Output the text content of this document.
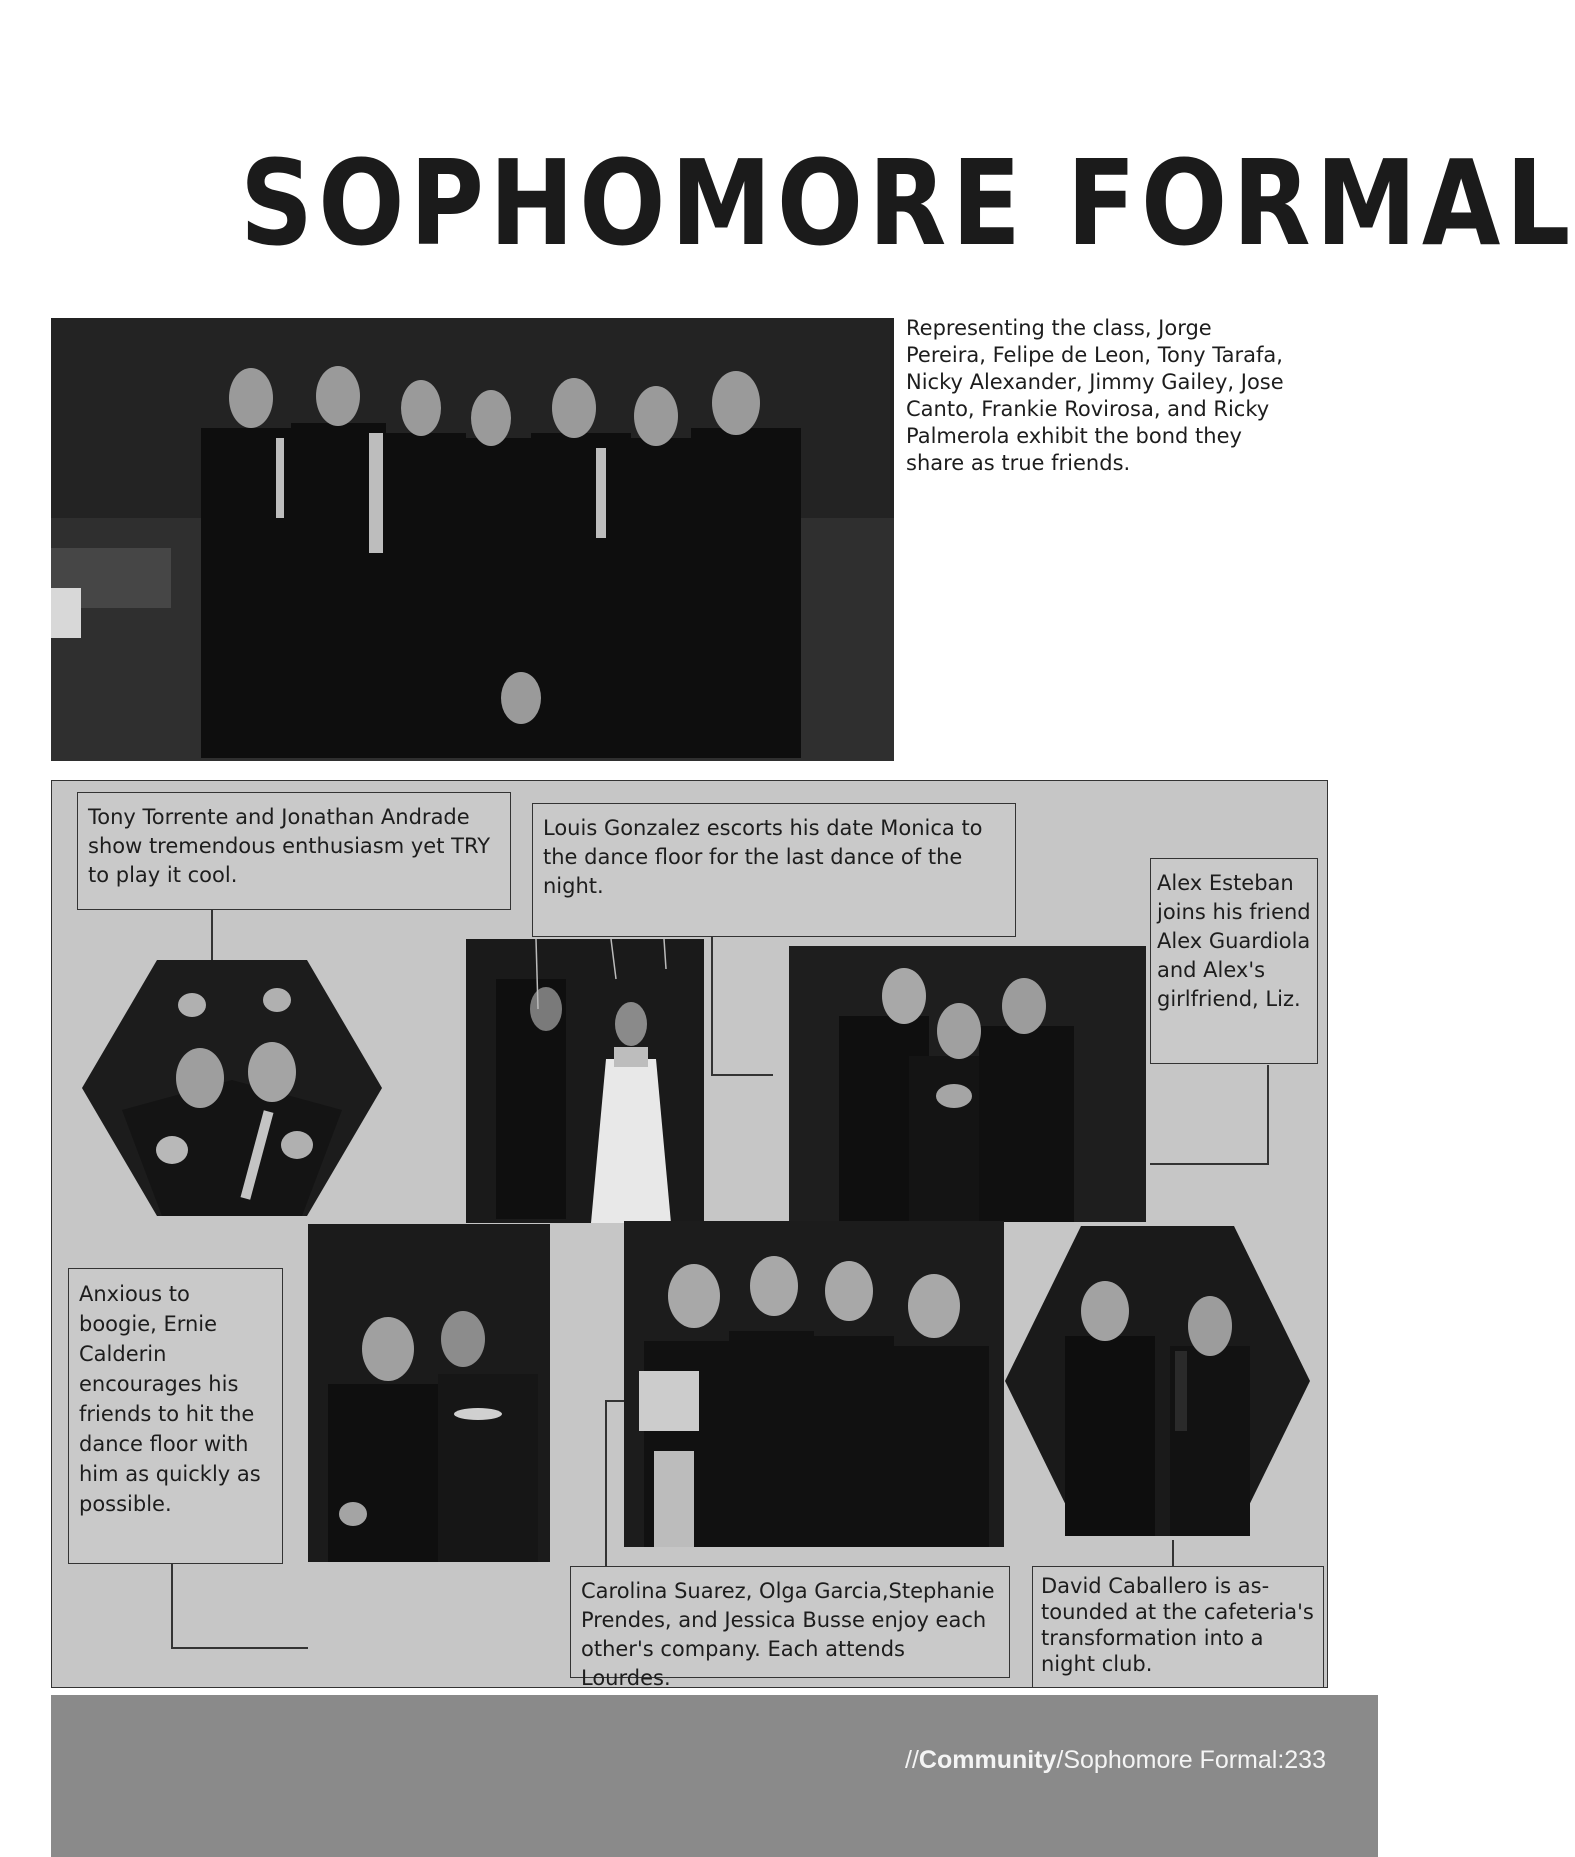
SOPHOMORE FORMAL
Representing the class, Jorge Pereira, Felipe de Leon, Tony Tarafa, Nicky Alexander, Jimmy Gailey, Jose Canto, Frankie Rovirosa, and Ricky Palmerola exhibit the bond they share as true friends.
Tony Torrente and Jonathan Andrade show tremendous enthusiasm yet TRY to play it cool.
Louis Gonzalez escorts his date Monica to the dance floor for the last dance of the night.	Alex Esteban joins his friend Alex Guardiola and Alex's girlfriend, Liz.
Anxious to boogie, Ernie Calderin encourages his friends to hit the dance floor with him as quickly as possible.
Carolina Suarez, Olga Garcia,Stephanie Prendes, and Jessica Busse enjoy each other's company. Each attends Lourdes.
David Caballero is as-tounded at the cafeteria's transformation into a night club.
//Community/Sophomore Formal:233
